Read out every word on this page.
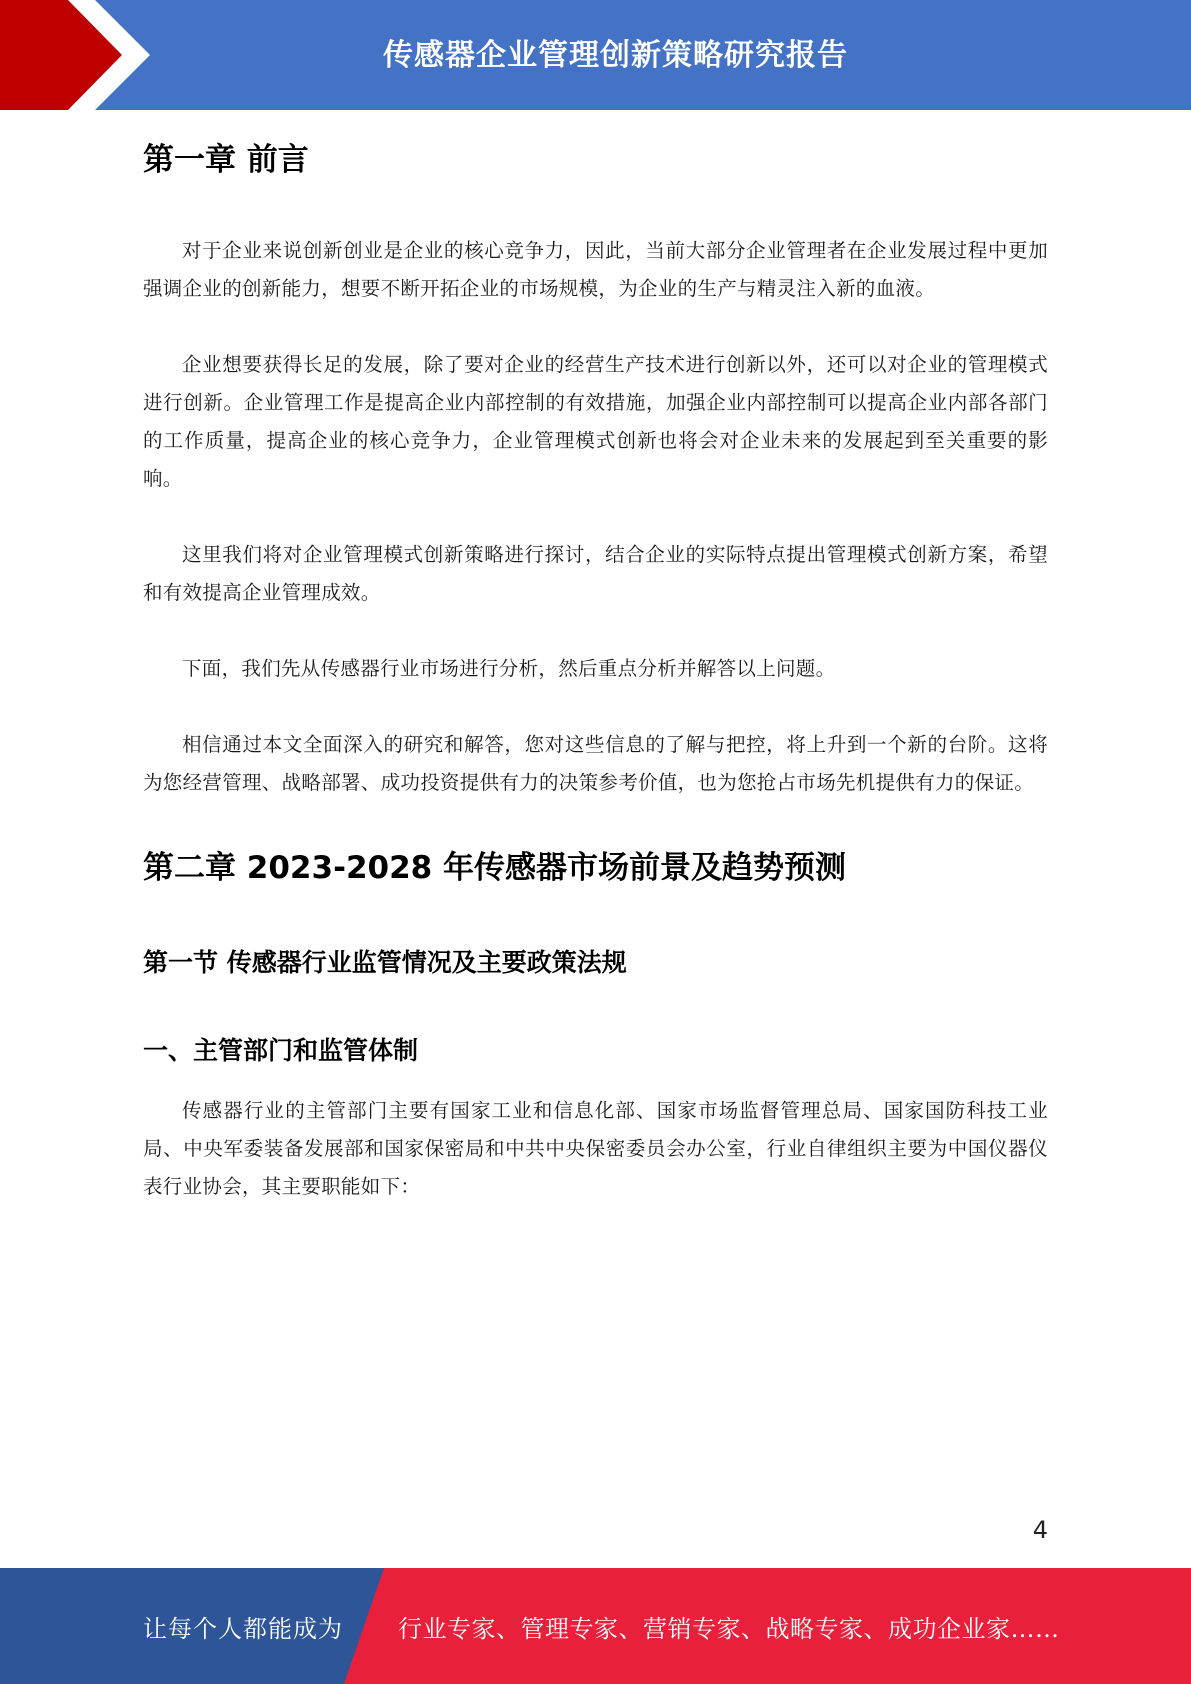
传感器企业管理创新策略研究报告
第一章 前言

对于企业来说创新创业是企业的核心竞争力，因此，当前大部分企业管理者在企业发展过程中更加强调企业的创新能力，想要不断开拓企业的市场规模，为企业的生产与精灵注入新的血液。

企业想要获得长足的发展，除了要对企业的经营生产技术进行创新以外，还可以对企业的管理模式进行创新。企业管理工作是提高企业内部控制的有效措施，加强企业内部控制可以提高企业内部各部门的工作质量，提高企业的核心竞争力，企业管理模式创新也将会对企业未来的发展起到至关重要的影响。

这里我们将对企业管理模式创新策略进行探讨，结合企业的实际特点提出管理模式创新方案，希望和有效提高企业管理成效。

下面，我们先从传感器行业市场进行分析，然后重点分析并解答以上问题。

相信通过本文全面深入的研究和解答，您对这些信息的了解与把控，将上升到一个新的台阶。这将为您经营管理、战略部署、成功投资提供有力的决策参考价值，也为您抢占市场先机提供有力的保证。

第二章 2023-2028 年传感器市场前景及趋势预测
第一节 传感器行业监管情况及主要政策法规
一、主管部门和监管体制

传感器行业的主管部门主要有国家工业和信息化部、国家市场监督管理总局、国家国防科技工业局、中央军委装备发展部和国家保密局和中共中央保密委员会办公室，行业自律组织主要为中国仪器仪表行业协会，其主要职能如下：

4
让每个人都能成为 行业专家、管理专家、营销专家、战略专家、成功企业家……
